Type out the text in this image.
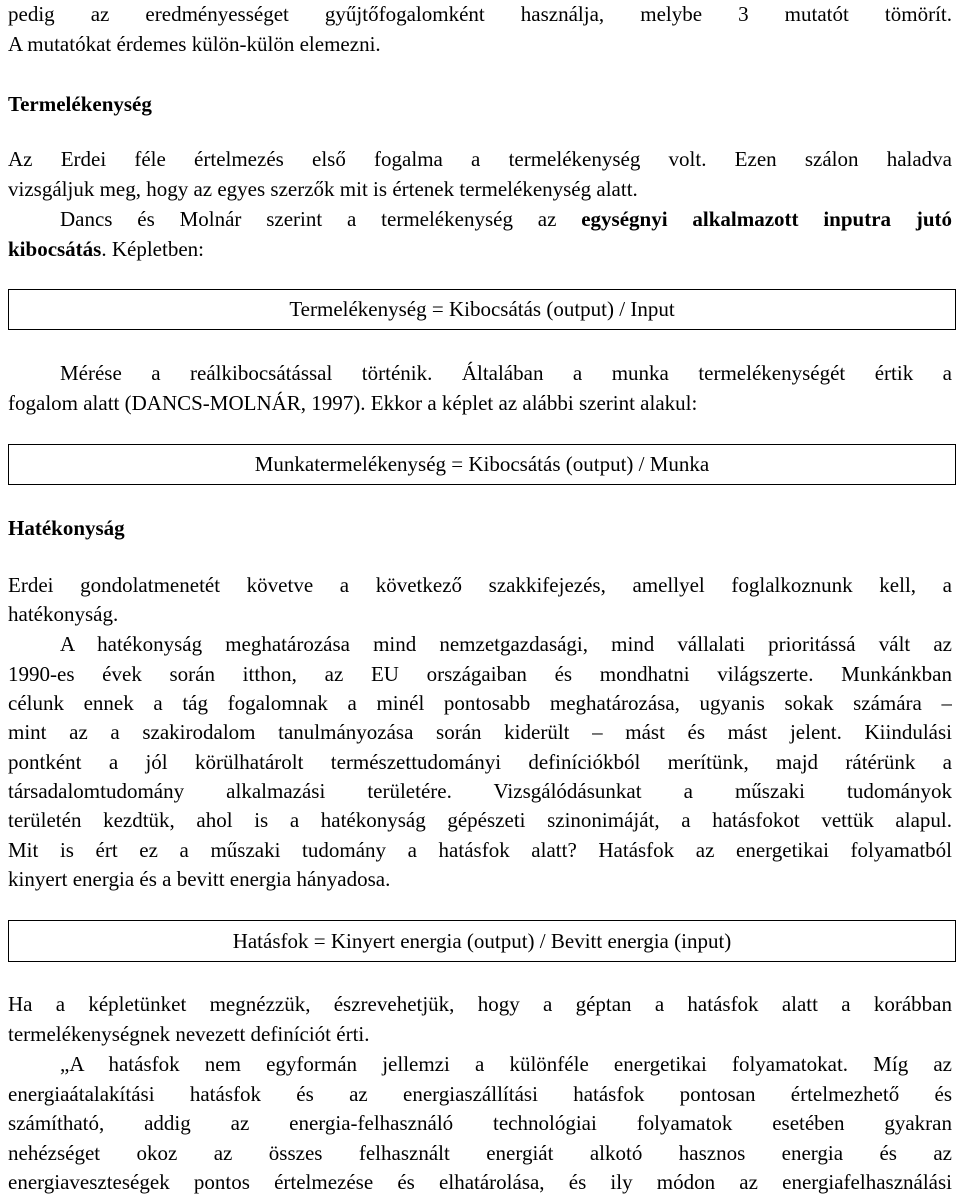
pedig az eredményességet gyűjtőfogalomként használja, melybe 3 mutatót tömörít.
A mutatókat érdemes külön-külön elemezni.
Termelékenység
Az Erdei féle értelmezés első fogalma a termelékenység volt. Ezen szálon haladva
vizsgáljuk meg, hogy az egyes szerzők mit is értenek termelékenység alatt.
Dancs és Molnár szerint a termelékenység az egységnyi alkalmazott inputra jutó
kibocsátás. Képletben:
Termelékenység = Kibocsátás (output) / Input
Mérése a reálkibocsátással történik. Általában a munka termelékenységét értik a
fogalom alatt (DANCS-MOLNÁR, 1997). Ekkor a képlet az alábbi szerint alakul:
Munkatermelékenység = Kibocsátás (output) / Munka
Hatékonyság
Erdei gondolatmenetét követve a következő szakkifejezés, amellyel foglalkoznunk kell, a
hatékonyság.
A hatékonyság meghatározása mind nemzetgazdasági, mind vállalati prioritássá vált az
1990-es évek során itthon, az EU országaiban és mondhatni világszerte. Munkánkban
célunk ennek a tág fogalomnak a minél pontosabb meghatározása, ugyanis sokak számára –
mint az a szakirodalom tanulmányozása során kiderült – mást és mást jelent. Kiindulási
pontként a jól körülhatárolt természettudományi definíciókból merítünk, majd rátérünk a
társadalomtudomány alkalmazási területére. Vizsgálódásunkat a műszaki tudományok
területén kezdtük, ahol is a hatékonyság gépészeti szinonimáját, a hatásfokot vettük alapul.
Mit is ért ez a műszaki tudomány a hatásfok alatt? Hatásfok az energetikai folyamatból
kinyert energia és a bevitt energia hányadosa.
Hatásfok = Kinyert energia (output) / Bevitt energia (input)
Ha a képletünket megnézzük, észrevehetjük, hogy a géptan a hatásfok alatt a korábban
termelékenységnek nevezett definíciót érti.
„A hatásfok nem egyformán jellemzi a különféle energetikai folyamatokat. Míg az
energiaátalakítási hatásfok és az energiaszállítási hatásfok pontosan értelmezhető és
számítható, addig az energia-felhasználó technológiai folyamatok esetében gyakran
nehézséget okoz az összes felhasznált energiát alkotó hasznos energia és az
energiaveszteségek pontos értelmezése és elhatárolása, és ily módon az energiafelhasználási
